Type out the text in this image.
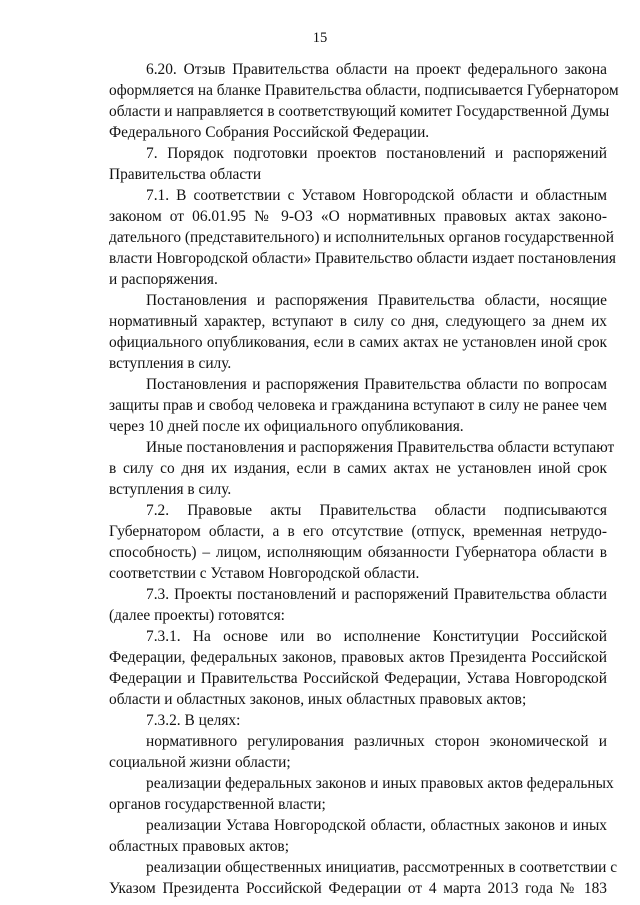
15
6.20. Отзыв Правительства области на проект федерального закона
оформляется на бланке Правительства области, подписывается Губернатором
области и направляется в соответствующий комитет Государственной Думы
Федерального Собрания Российской Федерации.
7. Порядок подготовки проектов постановлений и распоряжений
Правительства области
7.1. В соответствии с Уставом Новгородской области и областным
законом от 06.01.95 № 9-ОЗ «О нормативных правовых актах законо-
дательного (представительного) и исполнительных органов государственной
власти Новгородской области» Правительство области издает постановления
и распоряжения.
Постановления и распоряжения Правительства области, носящие
нормативный характер, вступают в силу со дня, следующего за днем их
официального опубликования, если в самих актах не установлен иной срок
вступления в силу.
Постановления и распоряжения Правительства области по вопросам
защиты прав и свобод человека и гражданина вступают в силу не ранее чем
через 10 дней после их официального опубликования.
Иные постановления и распоряжения Правительства области вступают
в силу со дня их издания, если в самих актах не установлен иной срок
вступления в силу.
7.2. Правовые акты Правительства области подписываются
Губернатором области, а в его отсутствие (отпуск, временная нетрудо-
способность) – лицом, исполняющим обязанности Губернатора области в
соответствии с Уставом Новгородской области.
7.3. Проекты постановлений и распоряжений Правительства области
(далее проекты) готовятся:
7.3.1. На основе или во исполнение Конституции Российской
Федерации, федеральных законов, правовых актов Президента Российской
Федерации и Правительства Российской Федерации, Устава Новгородской
области и областных законов, иных областных правовых актов;
7.3.2. В целях:
нормативного регулирования различных сторон экономической и
социальной жизни области;
реализации федеральных законов и иных правовых актов федеральных
органов государственной власти;
реализации Устава Новгородской области, областных законов и иных
областных правовых актов;
реализации общественных инициатив, рассмотренных в соответствии с
Указом Президента Российской Федерации от 4 марта 2013 года № 183
